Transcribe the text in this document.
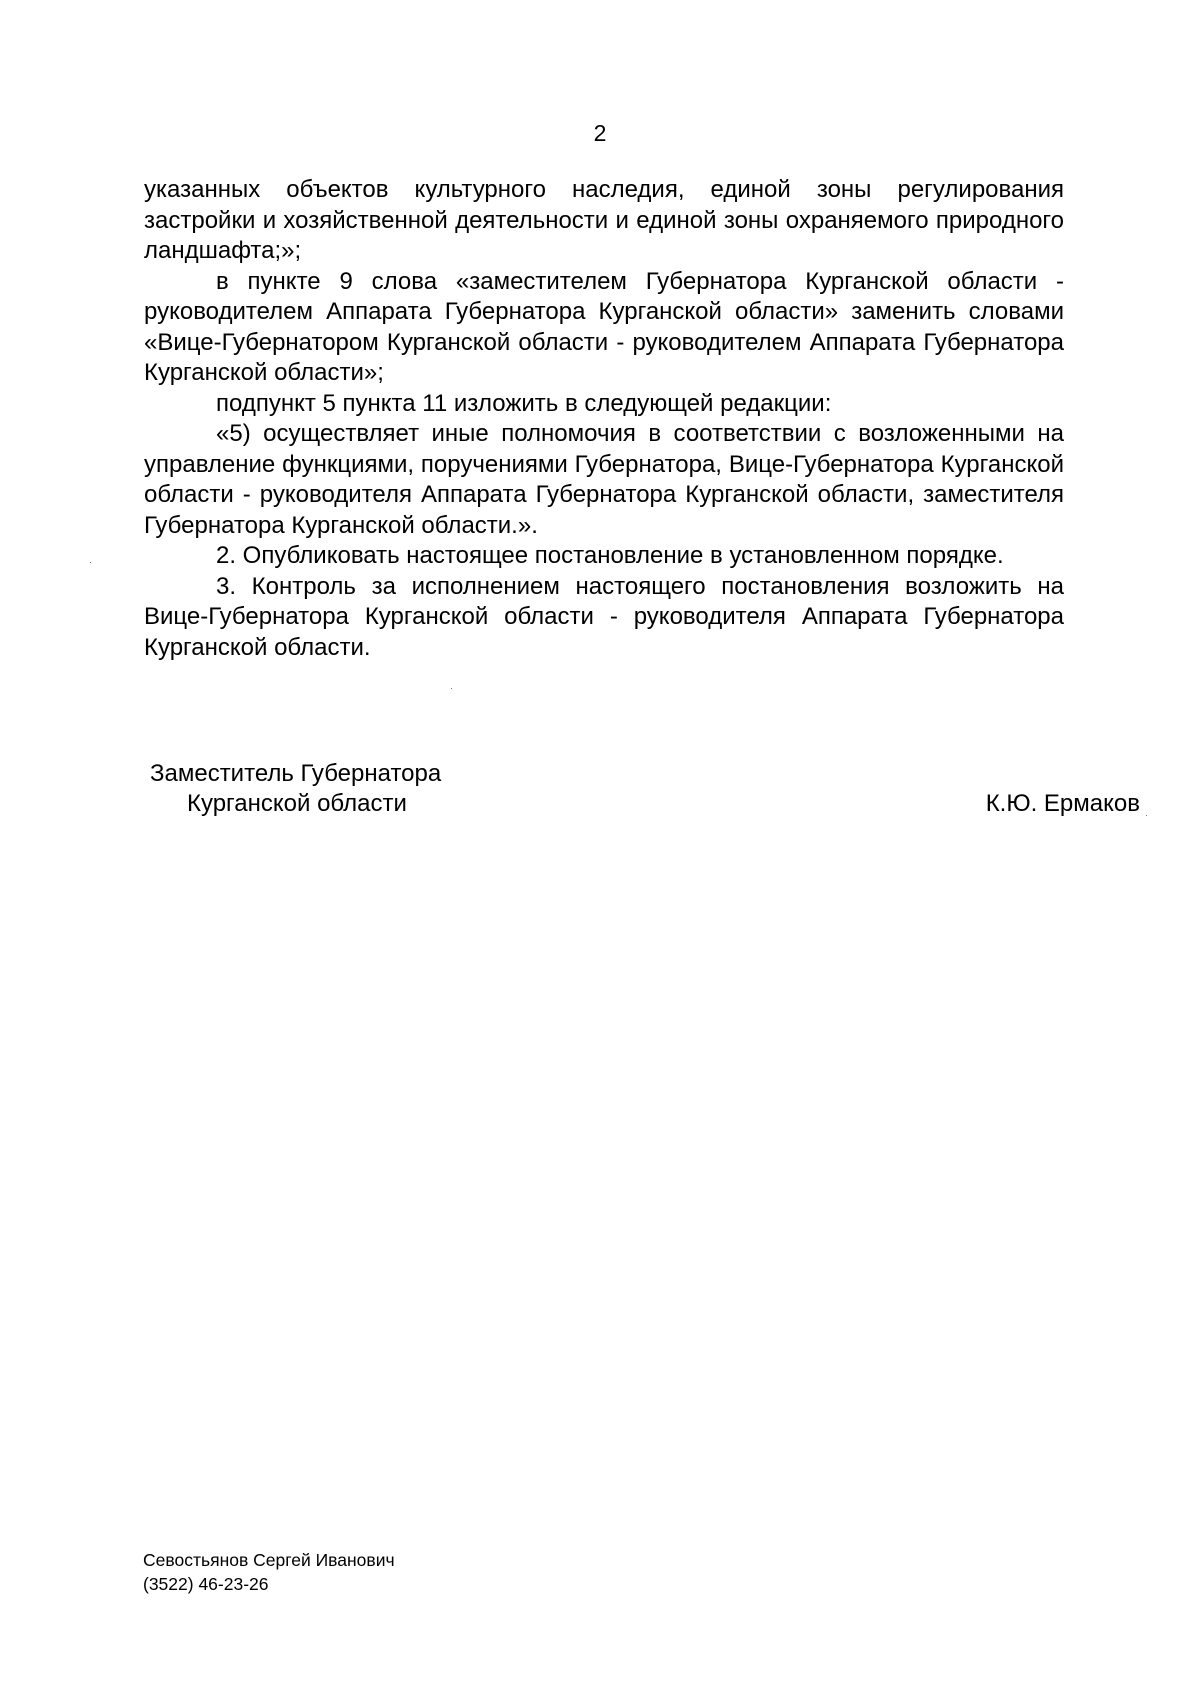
2

указанных объектов культурного наследия, единой зоны регулирования застройки и хозяйственной деятельности и единой зоны охраняемого природного ландшафта;»;

в пункте 9 слова «заместителем Губернатора Курганской области - руководителем Аппарата Губернатора Курганской области» заменить словами «Вице-Губернатором Курганской области - руководителем Аппарата Губернатора Курганской области»;

подпункт 5 пункта 11 изложить в следующей редакции:

«5) осуществляет иные полномочия в соответствии с возложенными на управление функциями, поручениями Губернатора, Вице-Губернатора Курганской области - руководителя Аппарата Губернатора Курганской области, заместителя Губернатора Курганской области.».

2. Опубликовать настоящее постановление в установленном порядке.

3. Контроль за исполнением настоящего постановления возложить на Вице-Губернатора Курганской области - руководителя Аппарата Губернатора Курганской области.

Заместитель Губернатора
Курганской области	К.Ю. Ермаков
Севостьянов Сергей Иванович
(3522) 46-23-26
